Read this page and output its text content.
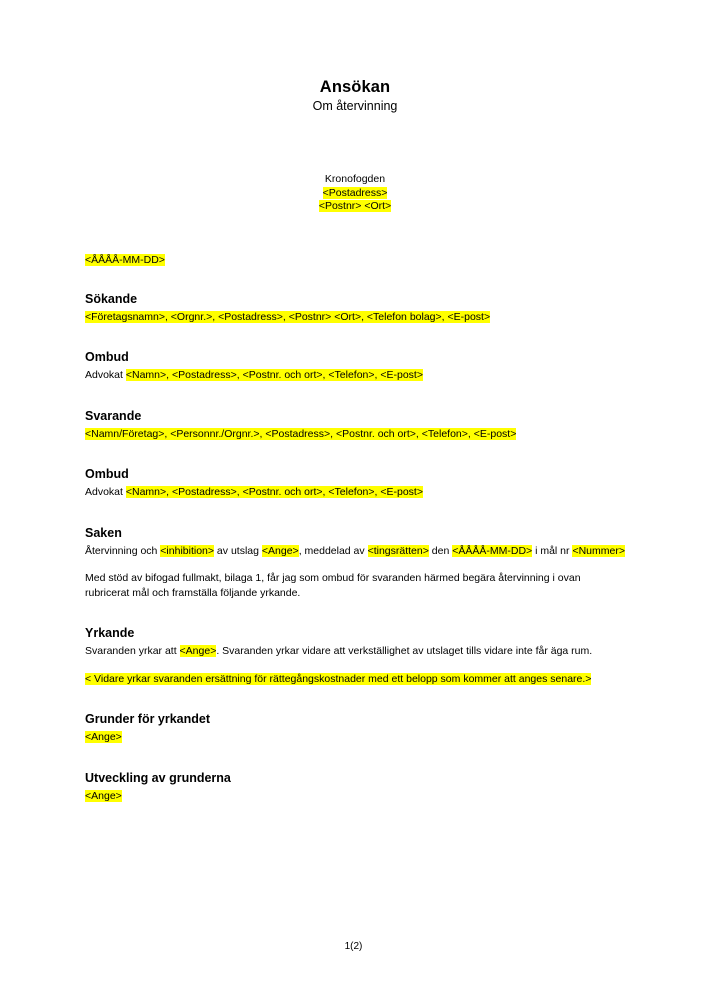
Ansökan
Om återvinning
Kronofogden
<Postadress>
<Postnr> <Ort>
<ÅÅÅÅ-MM-DD>
Sökande

<Företagsnamn>, <Orgnr.>, <Postadress>, <Postnr> <Ort>, <Telefon bolag>, <E-post>

Ombud

Advokat <Namn>, <Postadress>, <Postnr. och ort>, <Telefon>, <E-post>

Svarande

<Namn/Företag>, <Personnr./Orgnr.>, <Postadress>, <Postnr. och ort>, <Telefon>, <E-post>

Ombud

Advokat <Namn>, <Postadress>, <Postnr. och ort>, <Telefon>, <E-post>

Saken

Återvinning och <inhibition> av utslag <Ange>, meddelad av <tingsrätten> den <ÅÅÅÅ-MM-DD> i mål nr <Nummer>

Med stöd av bifogad fullmakt, bilaga 1, får jag som ombud för svaranden härmed begära återvinning i ovan rubricerat mål och framställa följande yrkande.

Yrkande

Svaranden yrkar att <Ange>. Svaranden yrkar vidare att verkställighet av utslaget tills vidare inte får äga rum.

< Vidare yrkar svaranden ersättning för rättegångskostnader med ett belopp som kommer att anges senare.>

Grunder för yrkandet

<Ange>

Utveckling av grunderna

<Ange>

1(2)
